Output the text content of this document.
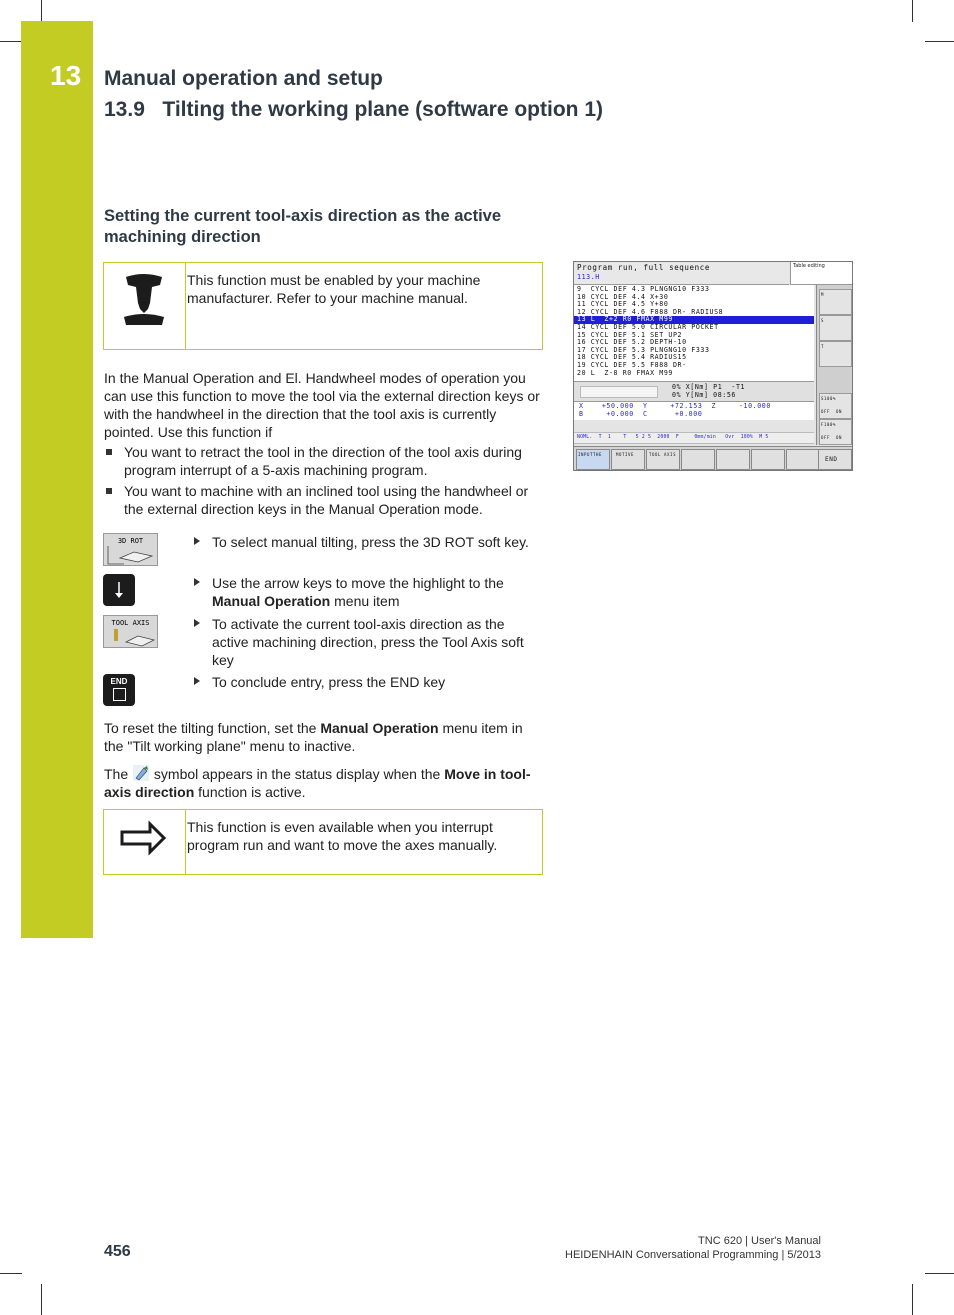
13	Manual operation and setup
13.9   Tilting the working plane (software option 1)
Setting the current tool-axis direction as the active machining direction
This function must be enabled by your machine manufacturer. Refer to your machine manual.

In the Manual Operation and El. Handwheel modes of operation you can use this function to move the tool via the external direction keys or with the handwheel in the direction that the tool axis is currently pointed. Use this function if

You want to retract the tool in the direction of the tool axis during program interrupt of a 5-axis machining program.
You want to machine with an inclined tool using the handwheel or the external direction keys in the Manual Operation mode.
3D ROT	To select manual tilting, press the 3D ROT soft key.
Use the arrow keys to move the highlight to the Manual Operation menu item
TOOL AXIS	To activate the current tool-axis direction as the active machining direction, press the Tool Axis soft key
END	To conclude entry, press the END key

To reset the tilting function, set the Manual Operation menu item in the "Tilt working plane" menu to inactive.

The  symbol appears in the status display when the Move in tool-axis direction function is active.

This function is even available when you interrupt program run and want to move the axes manually.
Program run, full sequence
113.H
Table editing
9  CYCL DEF 4.3 PLNGNG10 F333
10 CYCL DEF 4.4 X+30
11 CYCL DEF 4.5 Y+80
12 CYCL DEF 4.6 F888 DR- RADIUS8
13 L  Z+2 R0 FMAX M99
14 CYCL DEF 5.0 CIRCULAR POCKET
15 CYCL DEF 5.1 SET UP2
16 CYCL DEF 5.2 DEPTH-10
17 CYCL DEF 5.3 PLNGNG10 F333
18 CYCL DEF 5.4 RADIUS15
19 CYCL DEF 5.5 F888 DR-
20 L  Z-8 R0 FMAX M99
0% X[Nm] P1  -T1
0% Y[Nm] 08:56
X    +50.000  Y     +72.153  Z     -10.000
B     +0.000  C      +0.000
NOML.  T  1    T   5 2 5  2000  F     0mm/min   Ovr  100%  M 5
INPUTTHE	MOTIVE	TOOL AXIS
END
M
S
T
S100%
OFF  ON
F100%
OFF  ON
456
TNC 620 | User's Manual
HEIDENHAIN Conversational Programming | 5/2013
